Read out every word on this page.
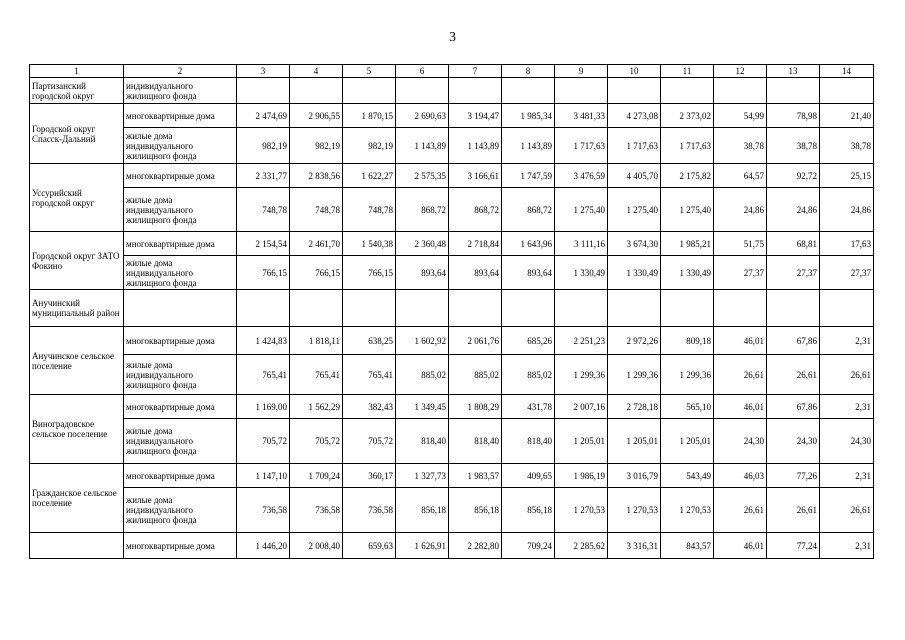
3
1	2	3	4	5	6	7	8	9	10	11	12	13	14
Партизанский городской округ	индивидуального жилищного фонда												
Городской округ Спасск-Дальний	многоквартирные дома	2 474,69	2 906,55	1 870,15	2 690,63	3 194,47	1 985,34	3 481,33	4 273,08	2 373,02	54,99	78,98	21,40
	жилые дома индивидуального жилищного фонда	982,19	982,19	982,19	1 143,89	1 143,89	1 143,89	1 717,63	1 717,63	1 717,63	38,78	38,78	38,78
Уссурийский городской округ	многоквартирные дома	2 331,77	2 838,56	1 622,27	2 575,35	3 166,61	1 747,59	3 476,59	4 405,70	2 175,82	64,57	92,72	25,15
	жилые дома индивидуального жилищного фонда	748,78	748,78	748,78	868,72	868,72	868,72	1 275,40	1 275,40	1 275,40	24,86	24,86	24,86
Городской округ ЗАТО Фокино	многоквартирные дома	2 154,54	2 461,70	1 540,38	2 360,48	2 718,84	1 643,96	3 111,16	3 674,30	1 985,21	51,75	68,81	17,63
	жилые дома индивидуального жилищного фонда	766,15	766,15	766,15	893,64	893,64	893,64	1 330,49	1 330,49	1 330,49	27,37	27,37	27,37
Анучинский муниципальный район													
Анучинское сельское поселение	многоквартирные дома	1 424,83	1 818,11	638,25	1 602,92	2 061,76	685,26	2 251,23	2 972,26	809,18	46,01	67,86	2,31
	жилые дома индивидуального жилищного фонда	765,41	765,41	765,41	885,02	885,02	885,02	1 299,36	1 299,36	1 299,36	26,61	26,61	26,61
Виноградовское сельское поселение	многоквартирные дома	1 169,00	1 562,29	382,43	1 349,45	1 808,29	431,78	2 007,16	2 728,18	565,10	46,01	67,86	2,31
	жилые дома индивидуального жилищного фонда	705,72	705,72	705,72	818,40	818,40	818,40	1 205,01	1 205,01	1 205,01	24,30	24,30	24,30
Гражданское сельское поселение	многоквартирные дома	1 147,10	1 709,24	360,17	1 327,73	1 983,57	409,65	1 986,19	3 016,79	543,49	46,03	77,26	2,31
	жилые дома индивидуального жилищного фонда	736,58	736,58	736,58	856,18	856,18	856,18	1 270,53	1 270,53	1 270,53	26,61	26,61	26,61
	многоквартирные дома	1 446,20	2 008,40	659,63	1 626,91	2 282,80	709,24	2 285,62	3 316,31	843,57	46,01	77,24	2,31
